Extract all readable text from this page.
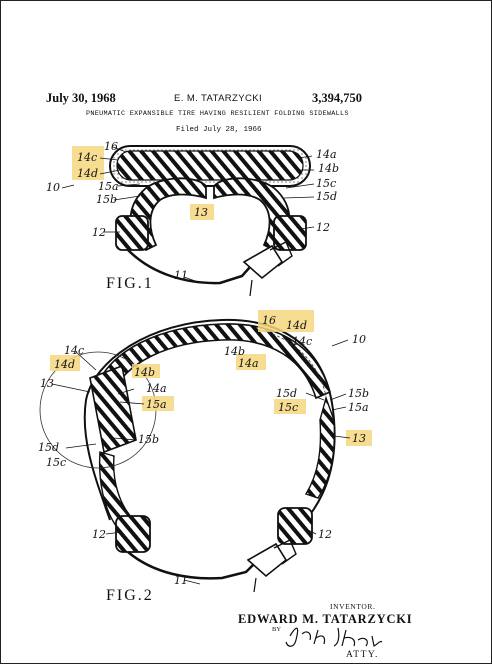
July 30, 1968	E. M. TATARZYCKI	3,394,750
PNEUMATIC EXPANSIBLE TIRE HAVING RESILIENT FOLDING SIDEWALLS
Filed July 28, 1966
16
14c
14d
10	15a
15b
13
14a
14b
15c
15d
12	12
11
FIG.1
16 14d
10
14c
14b
14a
14c
14d
13
14b
14a
15a
15b
15d
15c
15d	15b
15c	15a
13
12	12
11
FIG.2
INVENTOR.
EDWARD M. TATARZYCKI
BY
ATTY.
